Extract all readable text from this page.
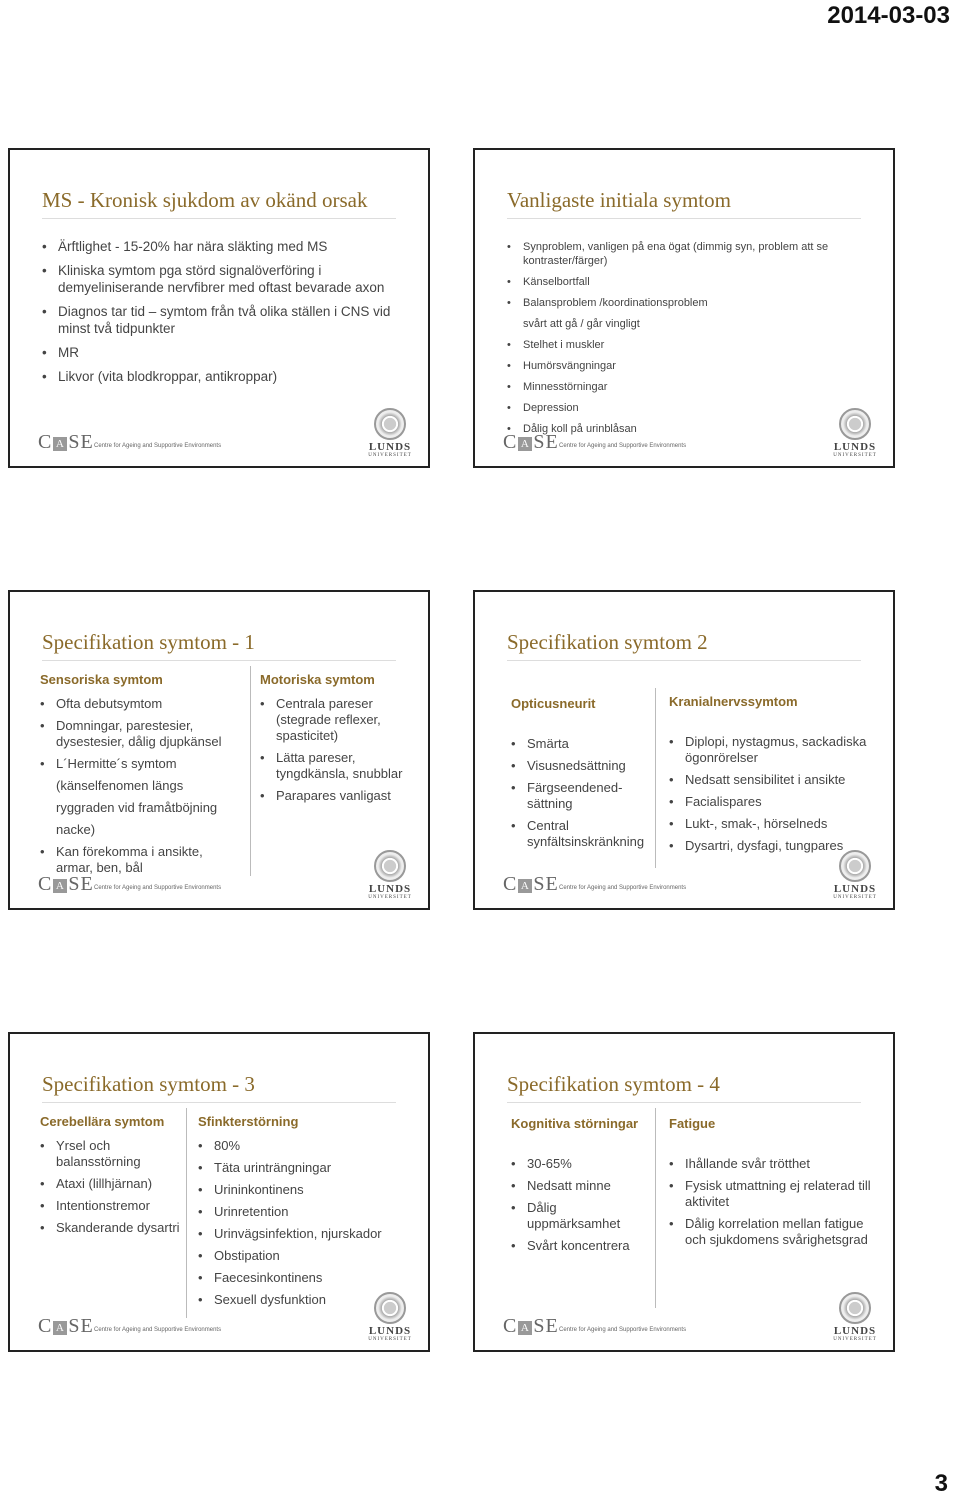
2014-03-03
MS - Kronisk sjukdom av okänd orsak
• Ärftlighet - 15-20% har nära släkting med MS
• Kliniska symtom pga störd signalöverföring i demyeliniserande nervfibrer med oftast bevarade axon
• Diagnos tar tid – symtom från två olika ställen i CNS vid minst två tidpunkter
• MR
• Likvor (vita blodkroppar, antikroppar)
C A SE Centre for Ageing and Supportive Environments	LUNDS
UNIVERSITET
Vanligaste initiala symtom
• Synproblem, vanligen på ena ögat (dimmig syn, problem att se kontraster/färger)
• Känselbortfall
• Balansproblem /koordinationsproblem
svårt att gå / går vingligt
• Stelhet i muskler
• Humörsvängningar
• Minnesstörningar
• Depression
• Dålig koll på urinblåsan
C A SE Centre for Ageing and Supportive Environments	LUNDS
UNIVERSITET
Specifikation symtom - 1
Sensoriska symtom
• Ofta debutsymtom
• Domningar, parestesier, dysestesier, dålig djupkänsel
• L´Hermitte´s symtom
(känselfenomen längs
ryggraden vid framåtböjning
nacke)
• Kan förekomma i ansikte, armar, ben, bål
Motoriska symtom
• Centrala pareser (stegrade reflexer, spasticitet)
• Lätta pareser, tyngdkänsla, snubblar
• Parapares vanligast
C A SE Centre for Ageing and Supportive Environments	LUNDS
UNIVERSITET
Specifikation symtom 2
Opticusneurit
• Smärta
• Visusnedsättning
• Färgseendened-sättning
• Central synfältsinskränkning
Kranialnervssymtom
• Diplopi, nystagmus, sackadiska ögonrörelser
• Nedsatt sensibilitet i ansikte
• Facialispares
• Lukt-, smak-, hörselneds
• Dysartri, dysfagi, tungpares
C A SE Centre for Ageing and Supportive Environments	LUNDS
UNIVERSITET
Specifikation symtom - 3
Cerebellära symtom
• Yrsel och balansstörning
• Ataxi (lillhjärnan)
• Intentionstremor
• Skanderande dysartri
Sfinkterstörning
• 80%
• Täta urinträngningar
• Urininkontinens
• Urinretention
• Urinvägsinfektion, njurskador
• Obstipation
• Faecesinkontinens
• Sexuell dysfunktion
C A SE Centre for Ageing and Supportive Environments	LUNDS
UNIVERSITET
Specifikation symtom - 4
Kognitiva störningar
• 30-65%
• Nedsatt minne
• Dålig uppmärksamhet
• Svårt koncentrera
Fatigue
• Ihållande svår trötthet
• Fysisk utmattning ej relaterad till aktivitet
• Dålig korrelation mellan fatigue och sjukdomens svårighetsgrad
C A SE Centre for Ageing and Supportive Environments	LUNDS
UNIVERSITET
3
